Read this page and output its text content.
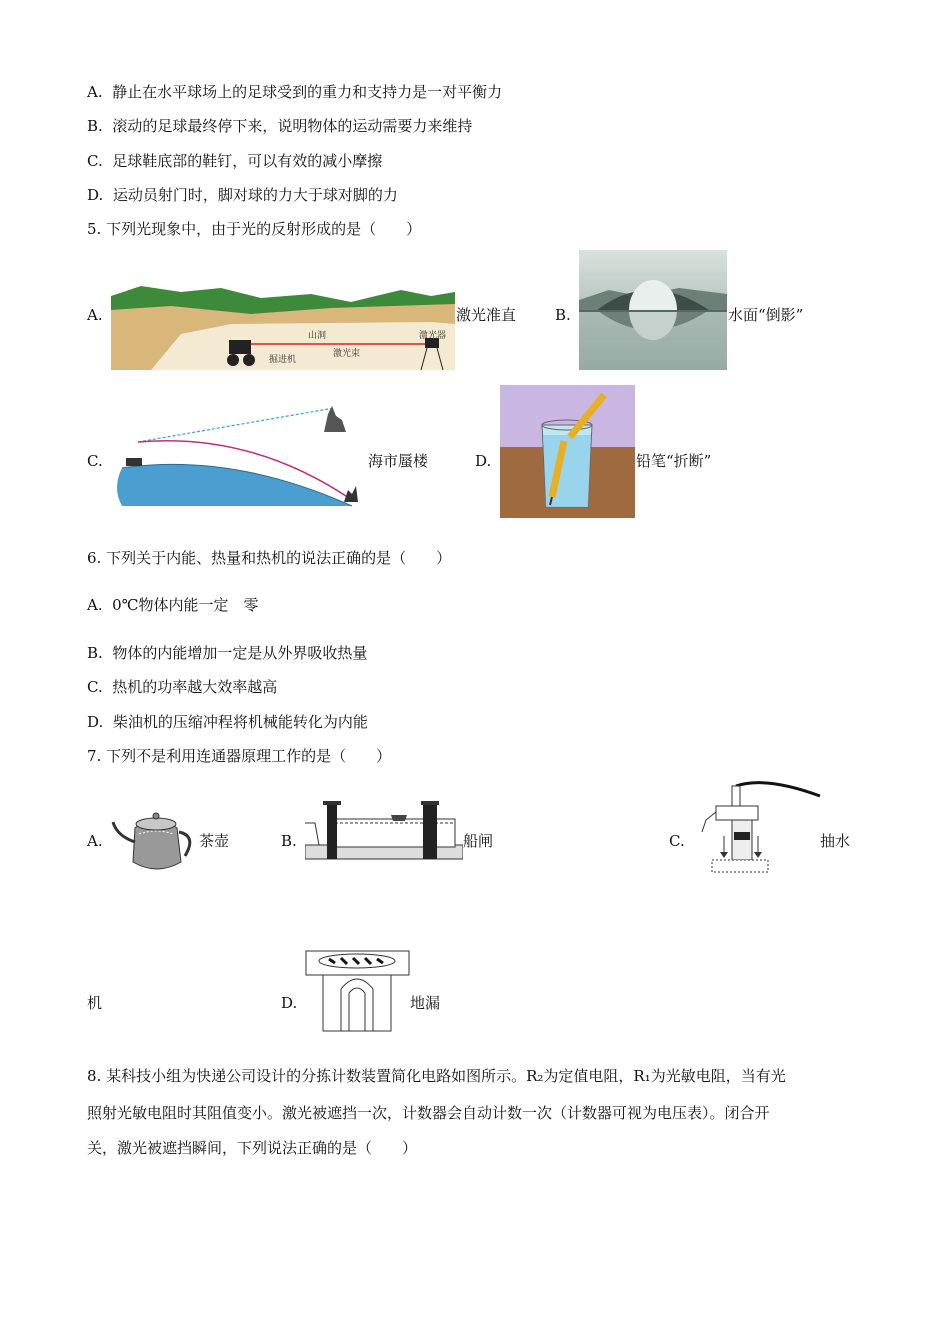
A. 静止在水平球场上的足球受到的重力和支持力是一对平衡力
B. 滚动的足球最终停下来，说明物体的运动需要力来维持
C. 足球鞋底部的鞋钉，可以有效的减小摩擦
D. 运动员射门时，脚对球的力大于球对脚的力
5. 下列光现象中，由于光的反射形成的是（　　）
A.
山洞	激光器
激光束
掘进机
激光准直	B.	水面“倒影”
C.	海市蜃楼	D.	铅笔“折断”
6. 下列关于内能、热量和热机的说法正确的是（　　）
A. 0℃物体内能一定　零
B. 物体的内能增加一定是从外界吸收热量
C. 热机的功率越大效率越高
D. 柴油机的压缩冲程将机械能转化为内能
7. 下列不是利用连通器原理工作的是（　　）
A.	茶壶	B.	船闸	C.	抽水
机	D.	地漏
8. 某科技小组为快递公司设计的分拣计数装置简化电路如图所示。R₂为定值电阻，R₁为光敏电阻，当有光
照射光敏电阻时其阻值变小。激光被遮挡一次，计数器会自动计数一次（计数器可视为电压表）。闭合开
关，激光被遮挡瞬间，下列说法正确的是（　　）
